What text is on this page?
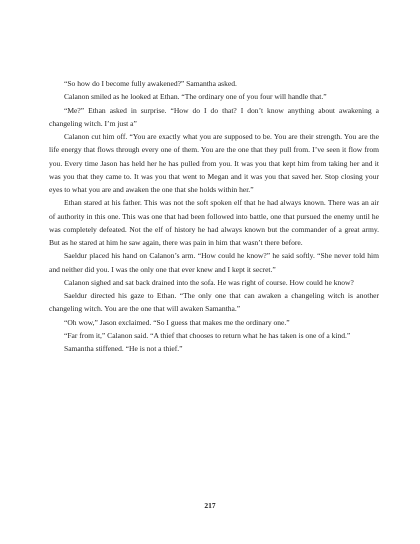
“So how do I become fully awakened?” Samantha asked.

Calanon smiled as he looked at Ethan. “The ordinary one of you four will handle that.”

“Me?” Ethan asked in surprise. “How do I do that? I don’t know anything about awakening a changeling witch. I’m just a”

Calanon cut him off. “You are exactly what you are supposed to be. You are their strength. You are the life energy that flows through every one of them. You are the one that they pull from. I’ve seen it flow from you. Every time Jason has held her he has pulled from you. It was you that kept him from taking her and it was you that they came to. It was you that went to Megan and it was you that saved her. Stop closing your eyes to what you are and awaken the one that she holds within her.”

Ethan stared at his father. This was not the soft spoken elf that he had always known. There was an air of authority in this one. This was one that had been followed into battle, one that pursued the enemy until he was completely defeated. Not the elf of history he had always known but the commander of a great army. But as he stared at him he saw again, there was pain in him that wasn’t there before.

Saeldur placed his hand on Calanon’s arm. “How could he know?” he said softly. “She never told him and neither did you. I was the only one that ever knew and I kept it secret.”

Calanon sighed and sat back drained into the sofa. He was right of course. How could he know?

Saeldur directed his gaze to Ethan. “The only one that can awaken a changeling witch is another changeling witch. You are the one that will awaken Samantha.”

“Oh wow,” Jason exclaimed. “So I guess that makes me the ordinary one.”

“Far from it,” Calanon said. “A thief that chooses to return what he has taken is one of a kind.”

Samantha stiffened. “He is not a thief.”

217
